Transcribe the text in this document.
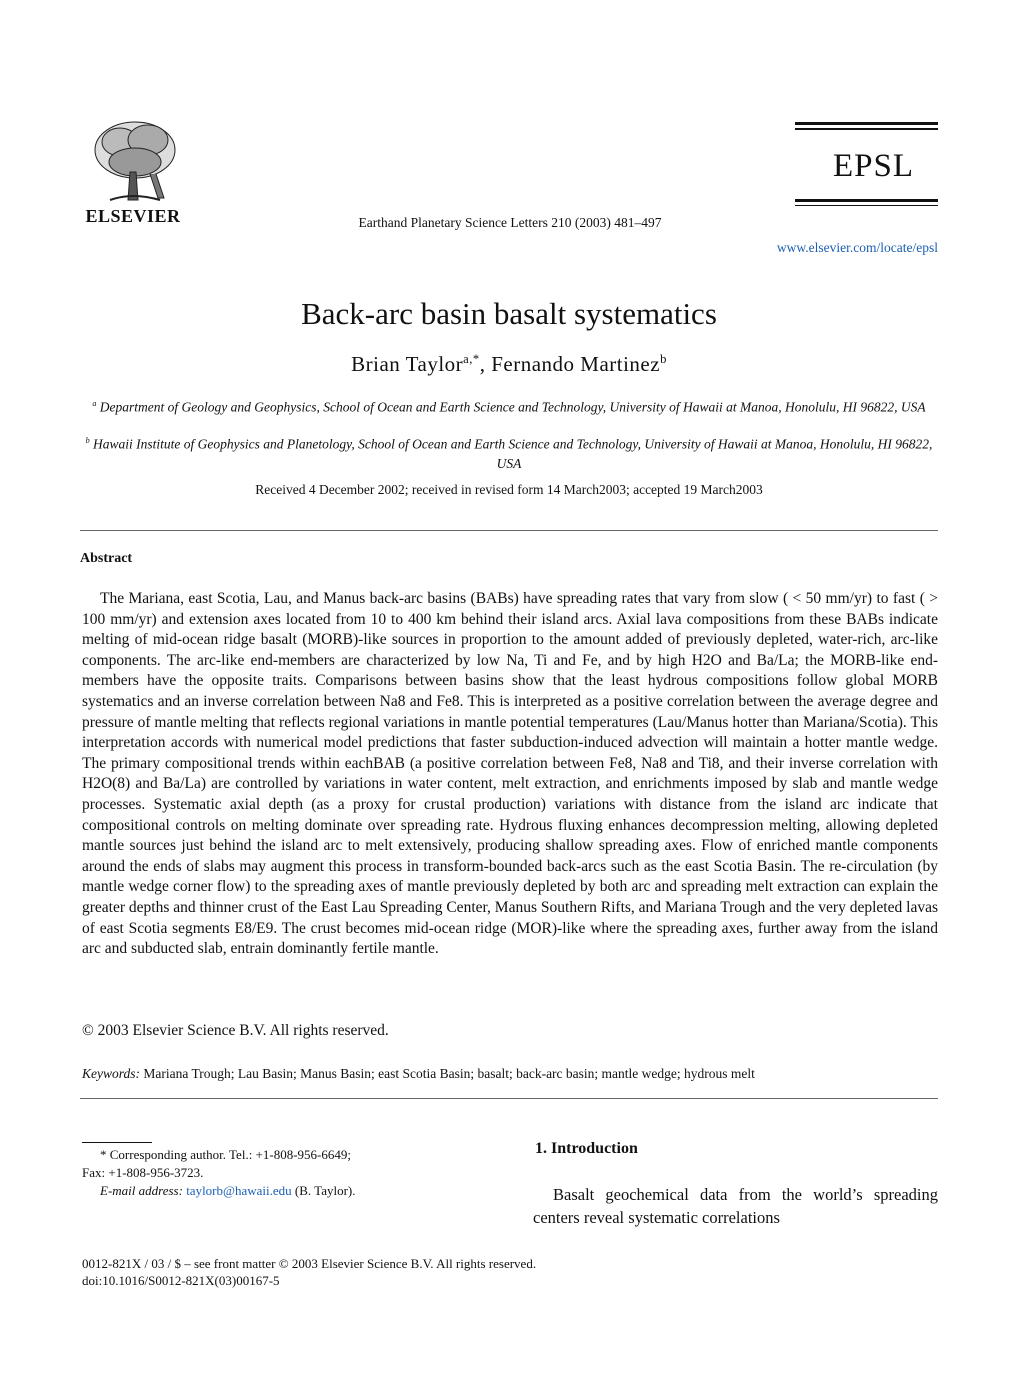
ELSEVIER	Earthand Planetary Science Letters 210 (2003) 481–497
EPSL
www.elsevier.com/locate/epsl
Back-arc basin basalt systematics
Brian Taylor$^{a,*}$, Fernando Martinez$^b$
$^a$ Department of Geology and Geophysics, School of Ocean and Earth Science and Technology, University of Hawaii at Manoa, Honolulu, HI 96822, USA
$^b$ Hawaii Institute of Geophysics and Planetology, School of Ocean and Earth Science and Technology, University of Hawaii at Manoa, Honolulu, HI 96822, USA
Received 4 December 2002; received in revised form 14 March2003; accepted 19 March2003
Abstract
The Mariana, east Scotia, Lau, and Manus back-arc basins (BABs) have spreading rates that vary from slow ( < 50 mm/yr) to fast ( > 100 mm/yr) and extension axes located from 10 to 400 km behind their island arcs. Axial lava compositions from these BABs indicate melting of mid-ocean ridge basalt (MORB)-like sources in proportion to the amount added of previously depleted, water-rich, arc-like components. The arc-like end-members are characterized by low Na, Ti and Fe, and by high H2O and Ba/La; the MORB-like end-members have the opposite traits. Comparisons between basins show that the least hydrous compositions follow global MORB systematics and an inverse correlation between Na8 and Fe8. This is interpreted as a positive correlation between the average degree and pressure of mantle melting that reflects regional variations in mantle potential temperatures (Lau/Manus hotter than Mariana/Scotia). This interpretation accords with numerical model predictions that faster subduction-induced advection will maintain a hotter mantle wedge. The primary compositional trends within eachBAB (a positive correlation between Fe8, Na8 and Ti8, and their inverse correlation with H2O(8) and Ba/La) are controlled by variations in water content, melt extraction, and enrichments imposed by slab and mantle wedge processes. Systematic axial depth (as a proxy for crustal production) variations with distance from the island arc indicate that compositional controls on melting dominate over spreading rate. Hydrous fluxing enhances decompression melting, allowing depleted mantle sources just behind the island arc to melt extensively, producing shallow spreading axes. Flow of enriched mantle components around the ends of slabs may augment this process in transform-bounded back-arcs such as the east Scotia Basin. The re-circulation (by mantle wedge corner flow) to the spreading axes of mantle previously depleted by both arc and spreading melt extraction can explain the greater depths and thinner crust of the East Lau Spreading Center, Manus Southern Rifts, and Mariana Trough and the very depleted lavas of east Scotia segments E8/E9. The crust becomes mid-ocean ridge (MOR)-like where the spreading axes, further away from the island arc and subducted slab, entrain dominantly fertile mantle.
© 2003 Elsevier Science B.V. All rights reserved.
Keywords: Mariana Trough; Lau Basin; Manus Basin; east Scotia Basin; basalt; back-arc basin; mantle wedge; hydrous melt
* Corresponding author. Tel.: +1-808-956-6649;
Fax: +1-808-956-3723.
E-mail address: taylorb@hawaii.edu (B. Taylor).
1. Introduction
Basalt geochemical data from the world’s spreading centers reveal systematic correlations
0012-821X / 03 / $ – see front matter © 2003 Elsevier Science B.V. All rights reserved.
doi:10.1016/S0012-821X(03)00167-5
